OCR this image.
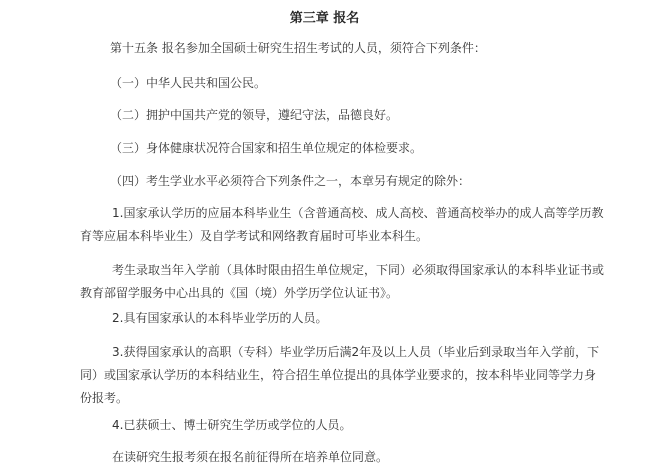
第三章 报名
第十五条 报名参加全国硕士研究生招生考试的人员，须符合下列条件：
（一）中华人民共和国公民。
（二）拥护中国共产党的领导，遵纪守法，品德良好。
（三）身体健康状况符合国家和招生单位规定的体检要求。
（四）考生学业水平必须符合下列条件之一，本章另有规定的除外：
1.国家承认学历的应届本科毕业生（含普通高校、成人高校、普通高校举办的成人高等学历教
育等应届本科毕业生）及自学考试和网络教育届时可毕业本科生。
考生录取当年入学前（具体时限由招生单位规定，下同）必须取得国家承认的本科毕业证书或
教育部留学服务中心出具的《国（境）外学历学位认证书》。
2.具有国家承认的本科毕业学历的人员。
3.获得国家承认的高职（专科）毕业学历后满2年及以上人员（毕业后到录取当年入学前，下
同）或国家承认学历的本科结业生，符合招生单位提出的具体学业要求的，按本科毕业同等学力身
份报考。
4.已获硕士、博士研究生学历或学位的人员。
在读研究生报考须在报名前征得所在培养单位同意。
